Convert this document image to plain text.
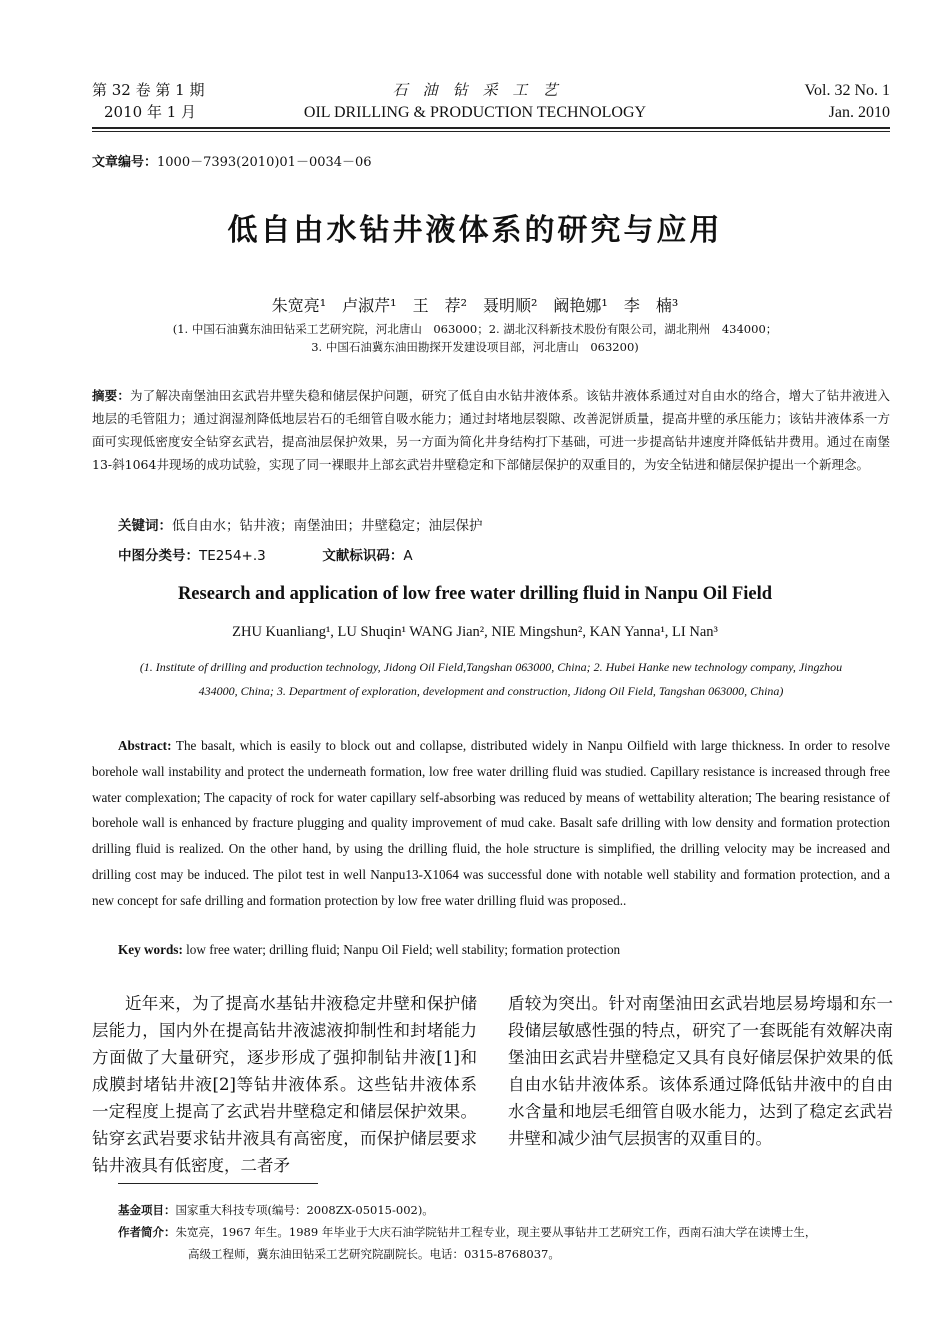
第 32 卷 第 1 期
2010 年 1 月
石　油　钻　采　工　艺
OIL DRILLING & PRODUCTION TECHNOLOGY
Vol. 32 No. 1
Jan. 2010
文章编号：1000－7393(2010)01－0034－06
低自由水钻井液体系的研究与应用
朱宽亮¹　卢淑芹¹　王　荐²　聂明顺²　阚艳娜¹　李　楠³
(1. 中国石油冀东油田钻采工艺研究院，河北唐山　063000；2. 湖北汉科新技术股份有限公司，湖北荆州　434000；
3. 中国石油冀东油田勘探开发建设项目部，河北唐山　063200)
摘要：为了解决南堡油田玄武岩井壁失稳和储层保护问题，研究了低自由水钻井液体系。该钻井液体系通过对自由水的络合，增大了钻井液进入地层的毛管阻力；通过润湿剂降低地层岩石的毛细管自吸水能力；通过封堵地层裂隙、改善泥饼质量，提高井壁的承压能力；该钻井液体系一方面可实现低密度安全钻穿玄武岩，提高油层保护效果，另一方面为简化井身结构打下基础，可进一步提高钻井速度并降低钻井费用。通过在南堡13-斜1064井现场的成功试验，实现了同一裸眼井上部玄武岩井壁稳定和下部储层保护的双重目的，为安全钻进和储层保护提出一个新理念。
关键词：低自由水；钻井液；南堡油田；井壁稳定；油层保护
中图分类号：TE254+.3	文献标识码：A
Research and application of low free water drilling fluid in Nanpu Oil Field
ZHU Kuanliang¹, LU Shuqin¹ WANG Jian², NIE Mingshun², KAN Yanna¹, LI Nan³
(1. Institute of drilling and production technology, Jidong Oil Field,Tangshan 063000, China; 2. Hubei Hanke new technology company, Jingzhou
434000, China; 3. Department of exploration, development and construction, Jidong Oil Field, Tangshan 063000, China)
Abstract: The basalt, which is easily to block out and collapse, distributed widely in Nanpu Oilfield with large thickness. In order to resolve borehole wall instability and protect the underneath formation, low free water drilling fluid was studied. Capillary resistance is increased through free water complexation; The capacity of rock for water capillary self-absorbing was reduced by means of wettability alteration; The bearing resistance of borehole wall is enhanced by fracture plugging and quality improvement of mud cake. Basalt safe drilling with low density and formation protection drilling fluid is realized. On the other hand, by using the drilling fluid, the hole structure is simplified, the drilling velocity may be increased and drilling cost may be induced. The pilot test in well Nanpu13-X1064 was successful done with notable well stability and formation protection, and a new concept for safe drilling and formation protection by low free water drilling fluid was proposed..
Key words: low free water; drilling fluid; Nanpu Oil Field; well stability; formation protection
近年来，为了提高水基钻井液稳定井壁和保护储层能力，国内外在提高钻井液滤液抑制性和封堵能力方面做了大量研究，逐步形成了强抑制钻井液[1]和成膜封堵钻井液[2]等钻井液体系。这些钻井液体系一定程度上提高了玄武岩井壁稳定和储层保护效果。钻穿玄武岩要求钻井液具有高密度，而保护储层要求钻井液具有低密度，二者矛
盾较为突出。针对南堡油田玄武岩地层易垮塌和东一段储层敏感性强的特点，研究了一套既能有效解决南堡油田玄武岩井壁稳定又具有良好储层保护效果的低自由水钻井液体系。该体系通过降低钻井液中的自由水含量和地层毛细管自吸水能力，达到了稳定玄武岩井壁和减少油气层损害的双重目的。
基金项目：国家重大科技专项(编号：2008ZX-05015-002)。
作者简介：朱宽亮，1967 年生。1989 年毕业于大庆石油学院钻井工程专业，现主要从事钻井工艺研究工作，西南石油大学在读博士生，
高级工程师，冀东油田钻采工艺研究院副院长。电话：0315-8768037。
